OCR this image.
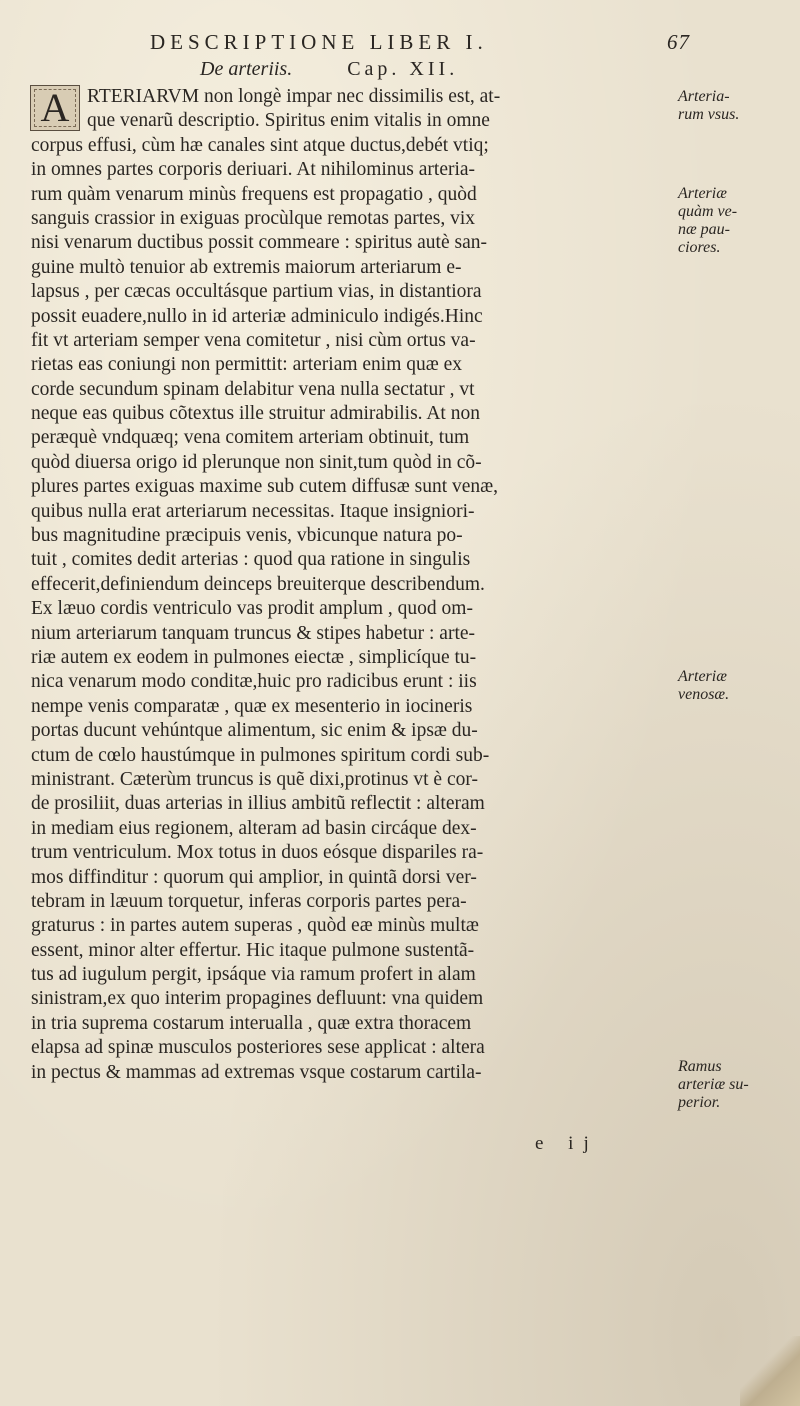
DESCRIPTIONE LIBER I.	67
De arteriis.	Cap. XII.
A RTERIARVM non longè impar nec dissimilis est, at-
que venarũ descriptio. Spiritus enim vitalis in omne
corpus effusi, cùm hæ canales sint atque ductus,debét vtiq;
in omnes partes corporis deriuari. At nihilominus arteria-
rum quàm venarum minùs frequens est propagatio , quòd
sanguis crassior in exiguas procùlque remotas partes, vix
nisi venarum ductibus possit commeare : spiritus autè san-
guine multò tenuior ab extremis maiorum arteriarum e-
lapsus , per cæcas occultásque partium vias, in distantiora
possit euadere,nullo in id arteriæ adminiculo indigés.Hinc
fit vt arteriam semper vena comitetur , nisi cùm ortus va-
rietas eas coniungi non permittit: arteriam enim quæ ex
corde secundum spinam delabitur vena nulla sectatur , vt
neque eas quibus cõtextus ille struitur admirabilis. At non
peræquè vndquæq; vena comitem arteriam obtinuit, tum
quòd diuersa origo id plerunque non sinit,tum quòd in cõ-
plures partes exiguas maxime sub cutem diffusæ sunt venæ,
quibus nulla erat arteriarum necessitas. Itaque insigniori-
bus magnitudine præcipuis venis, vbicunque natura po-
tuit , comites dedit arterias : quod qua ratione in singulis
effecerit,definiendum deinceps breuiterque describendum.
Ex læuo cordis ventriculo vas prodit amplum , quod om-
nium arteriarum tanquam truncus & stipes habetur : arte-
riæ autem ex eodem in pulmones eiectæ , simplicíque tu-
nica venarum modo conditæ,huic pro radicibus erunt : iis
nempe venis comparatæ , quæ ex mesenterio in iocineris
portas ducunt vehúntque alimentum, sic enim & ipsæ du-
ctum de cœlo haustúmque in pulmones spiritum cordi sub-
ministrant. Cæterùm truncus is quẽ dixi,protinus vt è cor-
de prosiliit, duas arterias in illius ambitũ reflectit : alteram
in mediam eius regionem, alteram ad basin circáque dex-
trum ventriculum. Mox totus in duos eósque dispariles ra-
mos diffinditur : quorum qui amplior, in quintã dorsi ver-
tebram in læuum torquetur, inferas corporis partes pera-
graturus : in partes autem superas , quòd eæ minùs multæ
essent, minor alter effertur. Hic itaque pulmone sustentã-
tus ad iugulum pergit, ipsáque via ramum profert in alam
sinistram,ex quo interim propagines defluunt: vna quidem
in tria suprema costarum interualla , quæ extra thoracem
elapsa ad spinæ musculos posteriores sese applicat : altera
in pectus & mammas ad extremas vsque costarum cartila-
Arteria-
rum vsus.
Arteriæ
quàm ve-
næ pau-
ciores.
Arteriæ
venosæ.
Ramus
arteriæ su-
perior.
e ij
